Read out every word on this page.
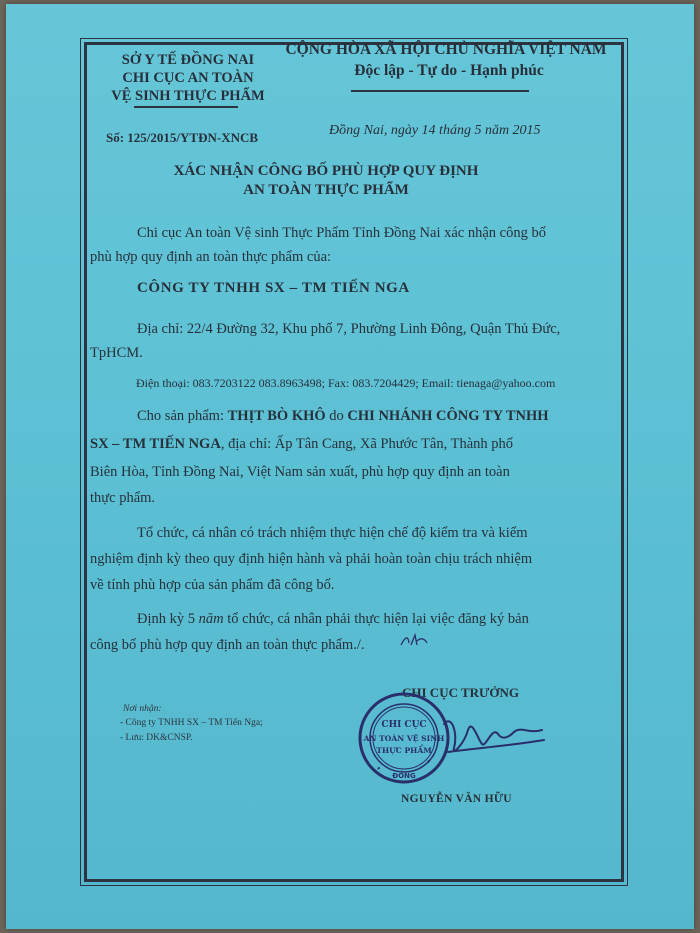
SỞ Y TẾ ĐỒNG NAI
CHI CỤC AN TOÀN
VỆ SINH THỰC PHẨM
CỘNG HÒA XÃ HỘI CHỦ NGHĨA VIỆT NAM
Độc lập - Tự do - Hạnh phúc
Số: 125/2015/YTĐN-XNCB	Đồng Nai, ngày 14 tháng 5 năm 2015
XÁC NHẬN CÔNG BỐ PHÙ HỢP QUY ĐỊNH
AN TOÀN THỰC PHẨM
Chi cục An toàn Vệ sinh Thực Phẩm Tỉnh Đồng Nai xác nhận công bố
phù hợp quy định an toàn thực phẩm của:
CÔNG TY TNHH SX – TM TIẾN NGA
Địa chỉ: 22/4 Đường 32, Khu phố 7, Phường Linh Đông, Quận Thủ Đức,
TpHCM.
Điện thoại: 083.7203122 083.8963498; Fax: 083.7204429; Email: tienaga@yahoo.com
Cho sản phẩm: THỊT BÒ KHÔ do CHI NHÁNH CÔNG TY TNHH
SX – TM TIẾN NGA, địa chỉ: Ấp Tân Cang, Xã Phước Tân, Thành phố
Biên Hòa, Tỉnh Đồng Nai, Việt Nam sản xuất, phù hợp quy định an toàn
thực phẩm.
Tổ chức, cá nhân có trách nhiệm thực hiện chế độ kiểm tra và kiểm
nghiệm định kỳ theo quy định hiện hành và phải hoàn toàn chịu trách nhiệm
về tính phù hợp của sản phẩm đã công bố.
Định kỳ 5 năm tổ chức, cá nhân phải thực hiện lại việc đăng ký bản
công bố phù hợp quy định an toàn thực phẩm./.
Nơi nhận:
- Công ty TNHH SX – TM Tiến Nga;
- Lưu: DK&CNSP.
CHI CỤC TRƯỞNG
CHI CỤC
AN TOÀN VỆ SINH
THỰC PHẨM
ĐỒNG
★
★
NGUYỄN VĂN HỮU
